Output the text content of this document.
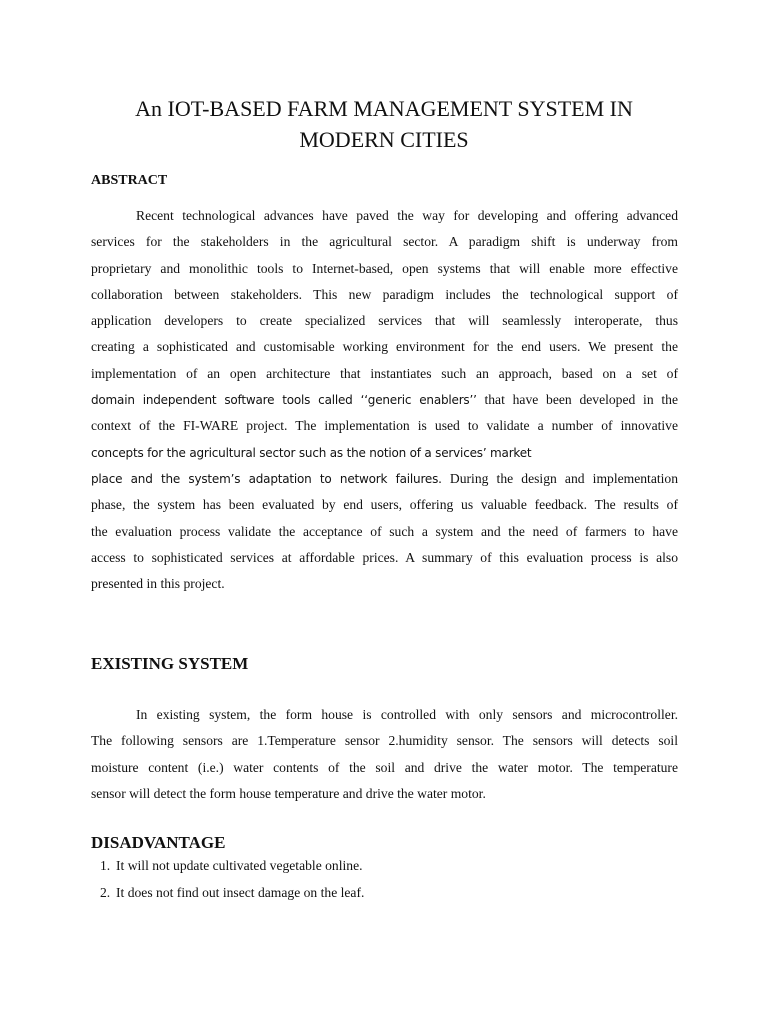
An IOT-BASED FARM MANAGEMENT SYSTEM IN
MODERN CITIES
ABSTRACT
Recent technological advances have paved the way for developing and offering advanced
services for the stakeholders in the agricultural sector. A paradigm shift is underway from
proprietary and monolithic tools to Internet-based, open systems that will enable more effective
collaboration between stakeholders. This new paradigm includes the technological support of
application developers to create specialized services that will seamlessly interoperate, thus
creating a sophisticated and customisable working environment for the end users. We present the
implementation of an open architecture that instantiates such an approach, based on a set of
domain independent software tools called ‘‘generic enablers’’ that have been developed in the
context of the FI-WARE project. The implementation is used to validate a number of innovative
concepts for the agricultural sector such as the notion of a services’ market
place and the system’s adaptation to network failures. During the design and implementation
phase, the system has been evaluated by end users, offering us valuable feedback. The results of
the evaluation process validate the acceptance of such a system and the need of farmers to have
access to sophisticated services at affordable prices. A summary of this evaluation process is also
presented in this project.
EXISTING SYSTEM
In existing system, the form house is controlled with only sensors and microcontroller.
The following sensors are 1.Temperature sensor 2.humidity sensor. The sensors will detects soil
moisture content (i.e.) water contents of the soil and drive the water motor. The temperature
sensor will detect the form house temperature and drive the water motor.
DISADVANTAGE
1. It will not update cultivated vegetable online.
2. It does not find out insect damage on the leaf.
